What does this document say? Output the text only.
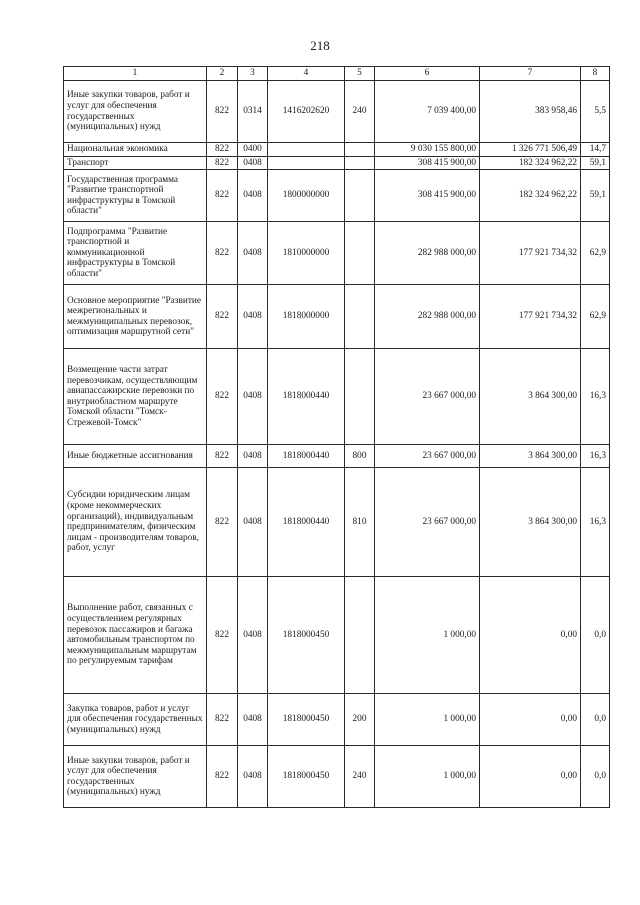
218
1	2	3	4	5	6	7	8
Иные закупки товаров, работ и услуг для обеспечения государственных (муниципальных) нужд	822	0314	1416202620	240	7 039 400,00	383 958,46	5,5
Национальная экономика	822	0400			9 030 155 800,00	1 326 771 506,49	14,7
Транспорт	822	0408			308 415 900,00	182 324 962,22	59,1
Государственная программа "Развитие транспортной инфраструктуры в Томской области"	822	0408	1800000000		308 415 900,00	182 324 962,22	59,1
Подпрограмма "Развитие транспортной и коммуникационной инфраструктуры в Томской области"	822	0408	1810000000		282 988 000,00	177 921 734,32	62,9
Основное мероприятие "Развитие межрегиональных и межмуниципальных перевозок, оптимизация маршрутной сети"	822	0408	1818000000		282 988 000,00	177 921 734,32	62,9
Возмещение части затрат перевозчикам, осуществляющим авиапассажирские перевозки по внутриобластном маршруте Томской области "Томск-Стрежевой-Томск"	822	0408	1818000440		23 667 000,00	3 864 300,00	16,3
Иные бюджетные ассигнования	822	0408	1818000440	800	23 667 000,00	3 864 300,00	16,3
Субсидии юридическим лицам (кроме некоммерческих организаций), индивидуальным предпринимателям, физическим лицам - производителям товаров, работ, услуг	822	0408	1818000440	810	23 667 000,00	3 864 300,00	16,3
Выполнение работ, связанных с осуществлением регулярных перевозок пассажиров и багажа автомобильным транспортом по межмуниципальным маршрутам по регулируемым тарифам	822	0408	1818000450		1 000,00	0,00	0,0
Закупка товаров, работ и услуг для обеспечения государственных (муниципальных) нужд	822	0408	1818000450	200	1 000,00	0,00	0,0
Иные закупки товаров, работ и услуг для обеспечения государственных (муниципальных) нужд	822	0408	1818000450	240	1 000,00	0,00	0,0
